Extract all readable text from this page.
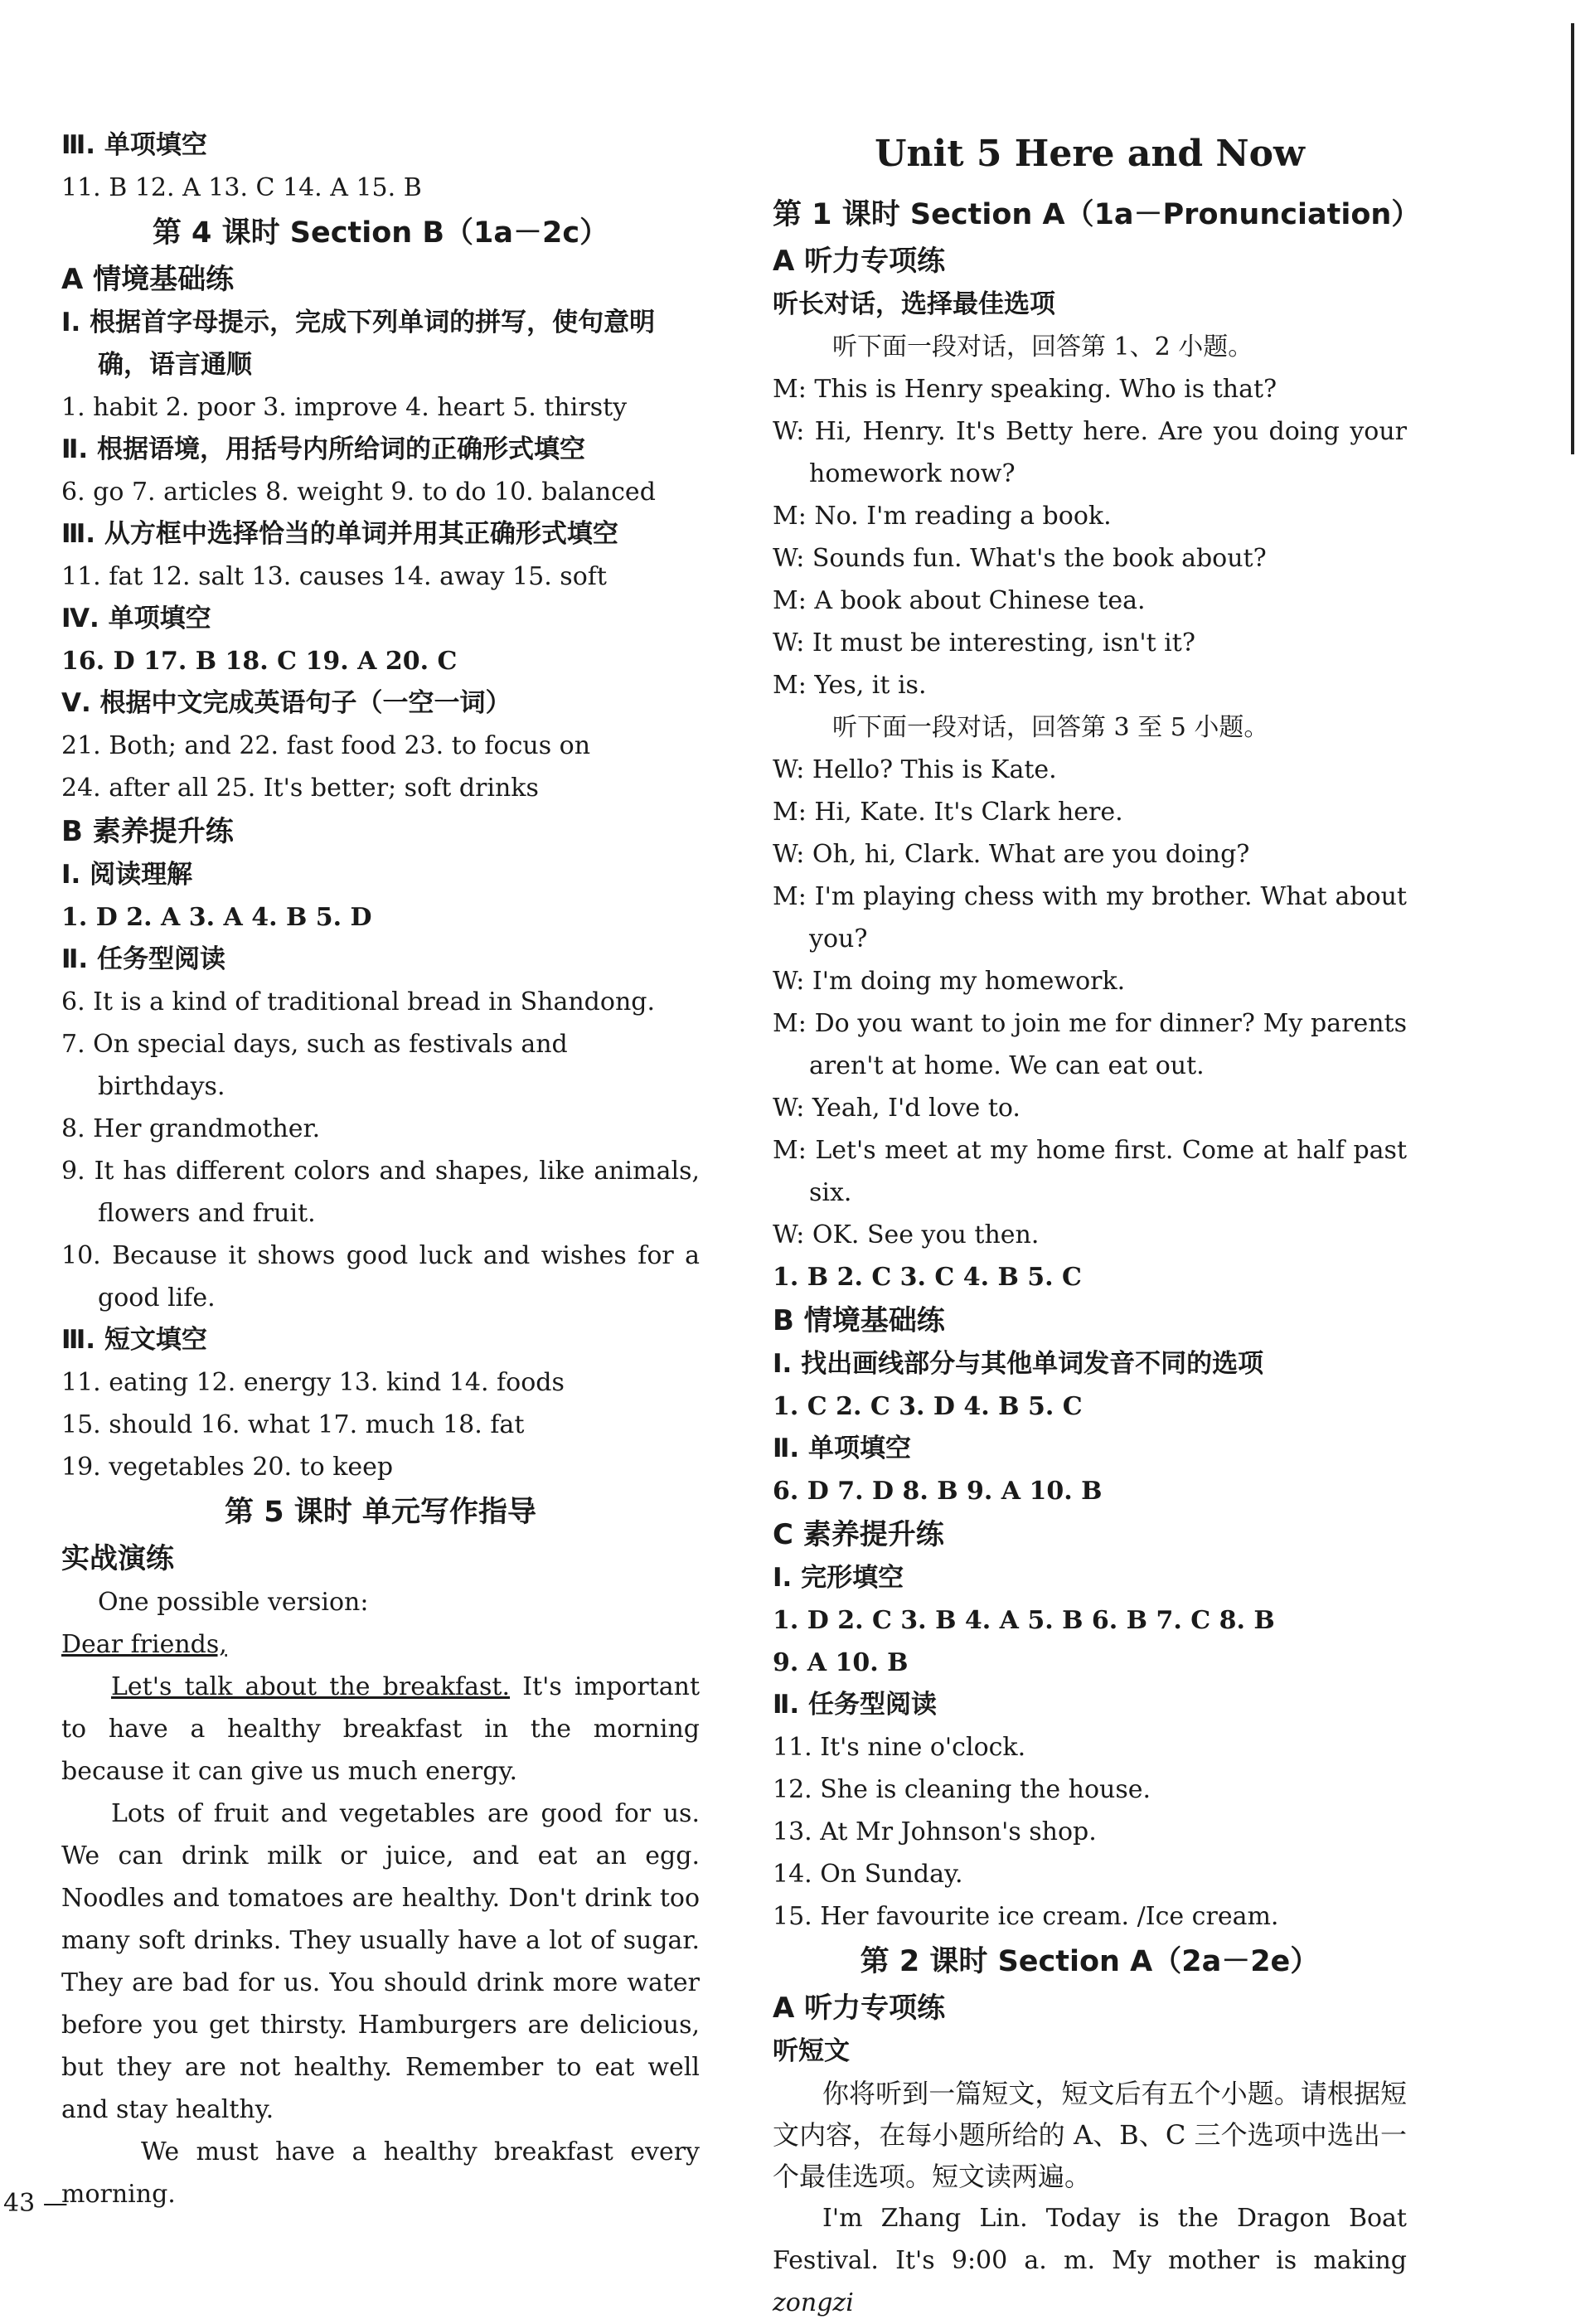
Ⅲ. 单项填空
11. B 12. A 13. C 14. A 15. B
第 4 课时 Section B（1a－2c）
A 情境基础练
Ⅰ. 根据首字母提示，完成下列单词的拼写，使句意明确，语言通顺
1. habit 2. poor 3. improve 4. heart 5. thirsty
Ⅱ. 根据语境，用括号内所给词的正确形式填空
6. go 7. articles 8. weight 9. to do 10. balanced
Ⅲ. 从方框中选择恰当的单词并用其正确形式填空
11. fat 12. salt 13. causes 14. away 15. soft
Ⅳ. 单项填空
16. D 17. B 18. C 19. A 20. C
Ⅴ. 根据中文完成英语句子（一空一词）
21. Both; and 22. fast food 23. to focus on
24. after all 25. It's better; soft drinks
B 素养提升练
Ⅰ. 阅读理解
1. D 2. A 3. A 4. B 5. D
Ⅱ. 任务型阅读
6. It is a kind of traditional bread in Shandong.
7. On special days, such as festivals and birthdays.
8. Her grandmother.
9. It has different colors and shapes, like animals, flowers and fruit.
10. Because it shows good luck and wishes for a good life.
Ⅲ. 短文填空
11. eating 12. energy 13. kind 14. foods
15. should 16. what 17. much 18. fat
19. vegetables 20. to keep
第 5 课时 单元写作指导
实战演练
One possible version:
Dear friends,
Let's talk about the breakfast. It's important to have a healthy breakfast in the morning because it can give us much energy.
Lots of fruit and vegetables are good for us. We can drink milk or juice, and eat an egg. Noodles and tomatoes are healthy. Don't drink too many soft drinks. They usually have a lot of sugar. They are bad for us. You should drink more water before you get thirsty. Hamburgers are delicious, but they are not healthy. Remember to eat well and stay healthy.
We must have a healthy breakfast every morning.
Unit 5 Here and Now
第 1 课时 Section A（1a－Pronunciation）
A 听力专项练
听长对话，选择最佳选项
听下面一段对话，回答第 1、2 小题。
M: This is Henry speaking. Who is that?
W: Hi, Henry. It's Betty here. Are you doing your homework now?
M: No. I'm reading a book.
W: Sounds fun. What's the book about?
M: A book about Chinese tea.
W: It must be interesting, isn't it?
M: Yes, it is.
听下面一段对话，回答第 3 至 5 小题。
W: Hello? This is Kate.
M: Hi, Kate. It's Clark here.
W: Oh, hi, Clark. What are you doing?
M: I'm playing chess with my brother. What about you?
W: I'm doing my homework.
M: Do you want to join me for dinner? My parents aren't at home. We can eat out.
W: Yeah, I'd love to.
M: Let's meet at my home first. Come at half past six.
W: OK. See you then.
1. B 2. C 3. C 4. B 5. C
B 情境基础练
Ⅰ. 找出画线部分与其他单词发音不同的选项
1. C 2. C 3. D 4. B 5. C
Ⅱ. 单项填空
6. D 7. D 8. B 9. A 10. B
C 素养提升练
Ⅰ. 完形填空
1. D 2. C 3. B 4. A 5. B 6. B 7. C 8. B
9. A 10. B
Ⅱ. 任务型阅读
11. It's nine o'clock.
12. She is cleaning the house.
13. At Mr Johnson's shop.
14. On Sunday.
15. Her favourite ice cream. /Ice cream.
第 2 课时 Section A（2a－2e）
A 听力专项练
听短文
你将听到一篇短文，短文后有五个小题。请根据短文内容，在每小题所给的 A、B、C 三个选项中选出一个最佳选项。短文读两遍。
I'm Zhang Lin. Today is the Dragon Boat Festival. It's 9:00 a. m. My mother is making zongzi
43 —
